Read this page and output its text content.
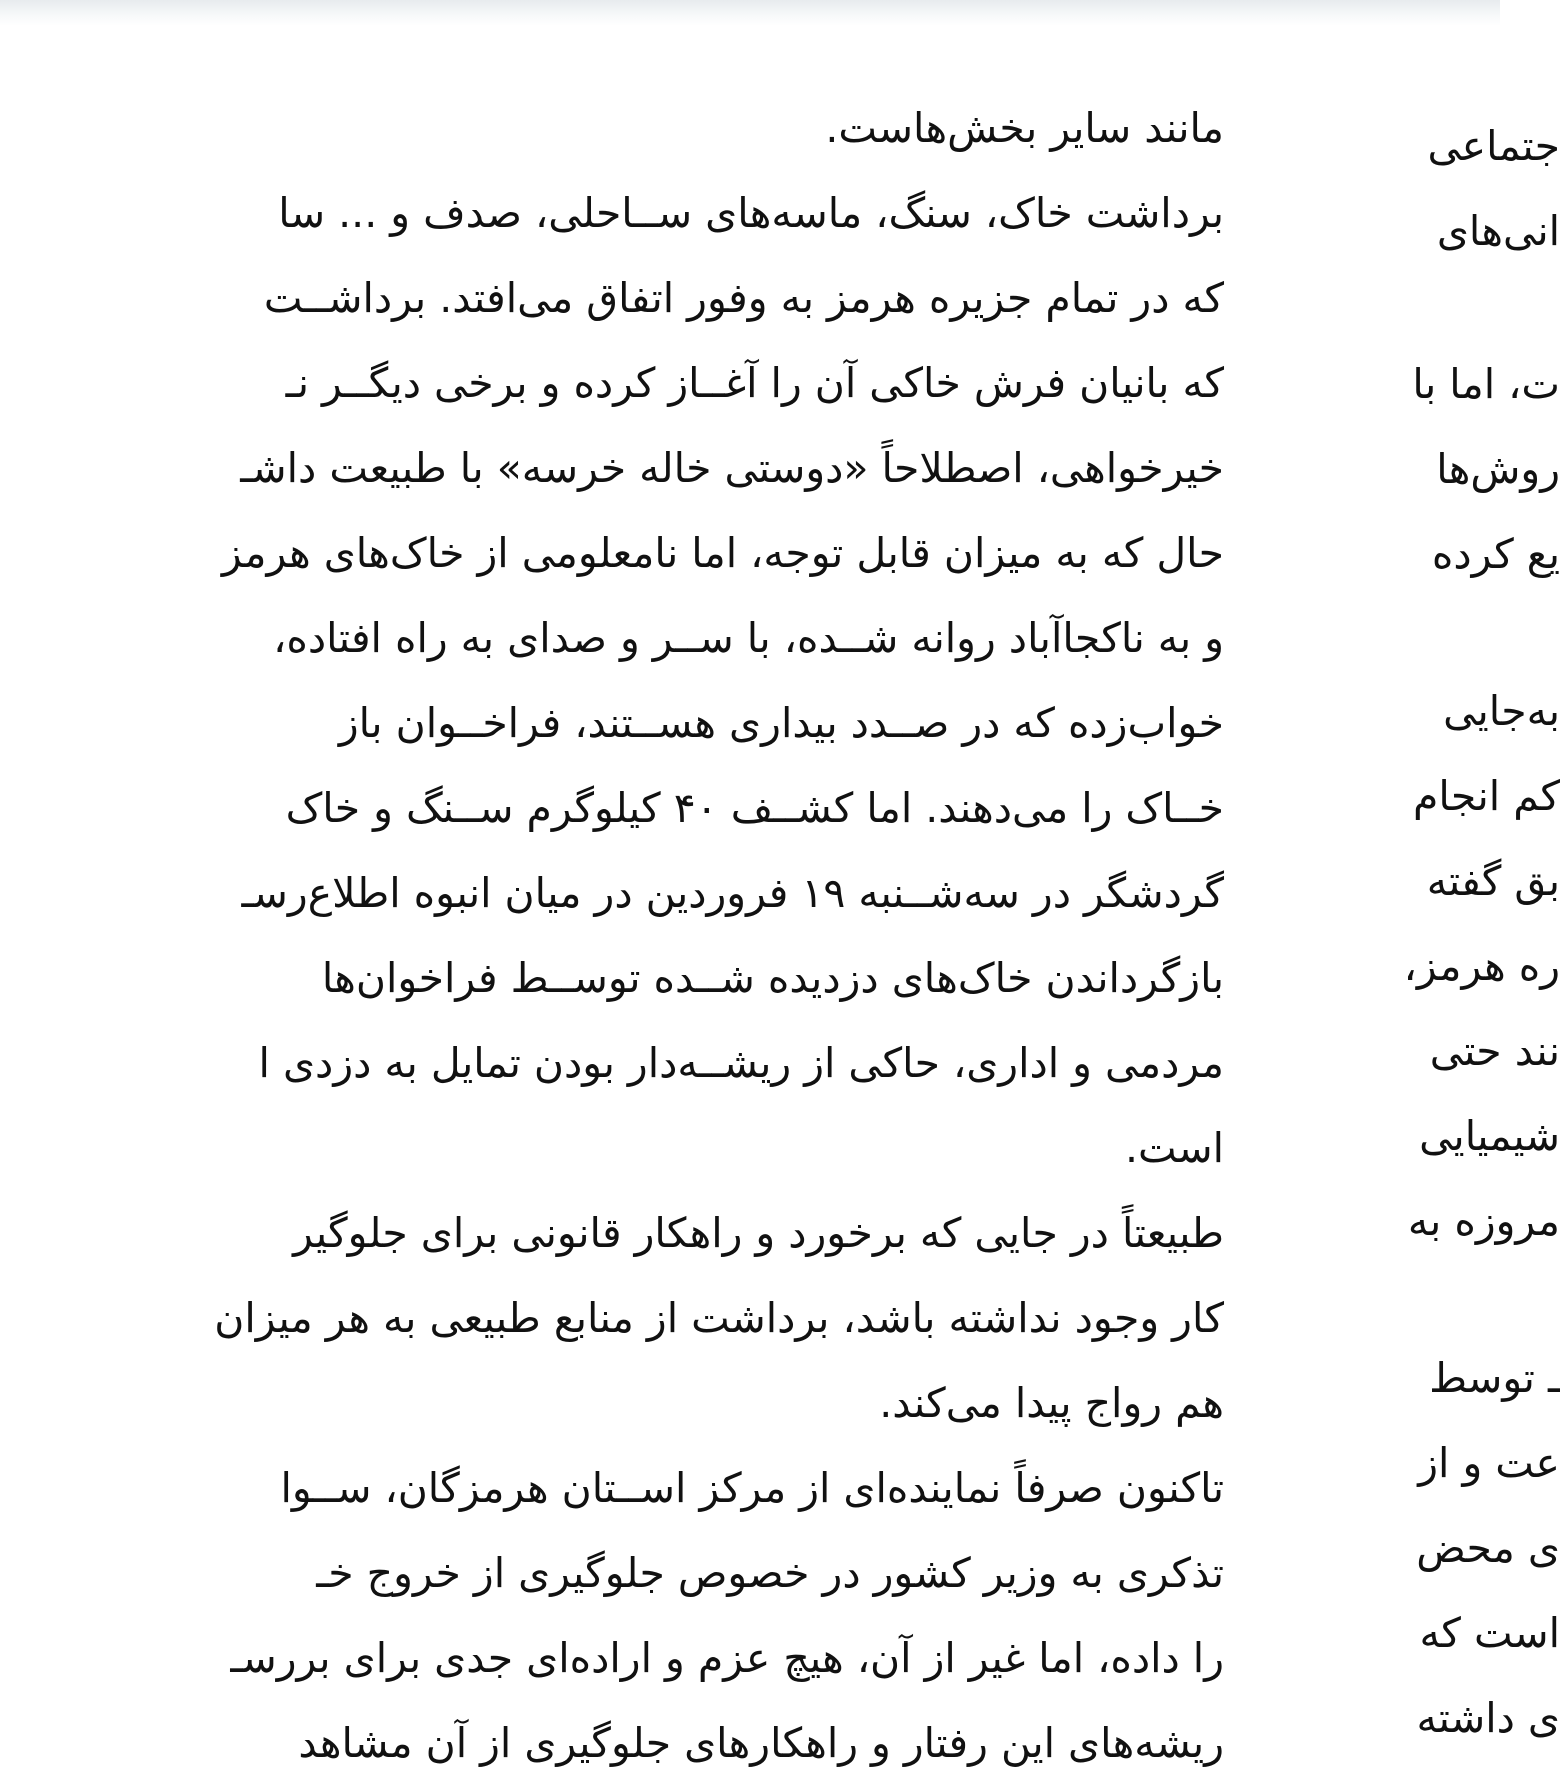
مانند سایر بخش‌هاست.
برداشت خاک، سنگ، ماسه‌های ســاحلی، صدف و ... سا
که در تمام جزیره هرمز به وفور اتفاق می‌افتد. برداشــت
که بانیان فرش خاکی آن را آغــاز کرده و برخی دیگــر نـ
خیرخواهی، اصطلاحاً «دوستی خاله خرسه» با طبیعت داشـ
حال که به میزان قابل توجه، اما نامعلومی از خاک‌های هرمز
و به ناکجاآباد روانه شــده، با ســر و صدای به راه افتاده،
خواب‌زده که در صــدد بیداری هســتند، فراخــوان باز
خــاک را می‌دهند. اما کشــف ۴۰ کیلوگرم ســنگ و خاک
گردشگر در سه‌شــنبه ۱۹ فروردین در میان انبوه اطلاع‌رسـ
بازگرداندن خاک‌های دزدیده شــده توســط فراخوان‌ها
مردمی و اداری، حاکی از ریشــه‌دار بودن تمایل به دزدی ا
است.
طبیعتاً در جایی که برخورد و راهکار قانونی برای جلوگیر
کار وجود نداشته باشد، برداشت از منابع طبیعی به هر میزان
هم رواج پیدا می‌کند.
تاکنون صرفاً نماینده‌ای از مرکز اســتان هرمزگان، ســوا
تذکری به وزیر کشور در خصوص جلوگیری از خروج خـ
را داده، اما غیر از آن، هیچ عزم و اراده‌ای جدی برای بررسـ
ریشه‌های این رفتار و راهکارهای جلوگیری از آن مشاهد
جتماعی
انی‌های
ت، اما با
روش‌ها
یع کرده
به‌جایی
کم انجام
بق گفته
ره هرمز،
نند حتی
شیمیایی
مروزه به
ـ توسط
عت و از
ی محض
است که
ی داشته
